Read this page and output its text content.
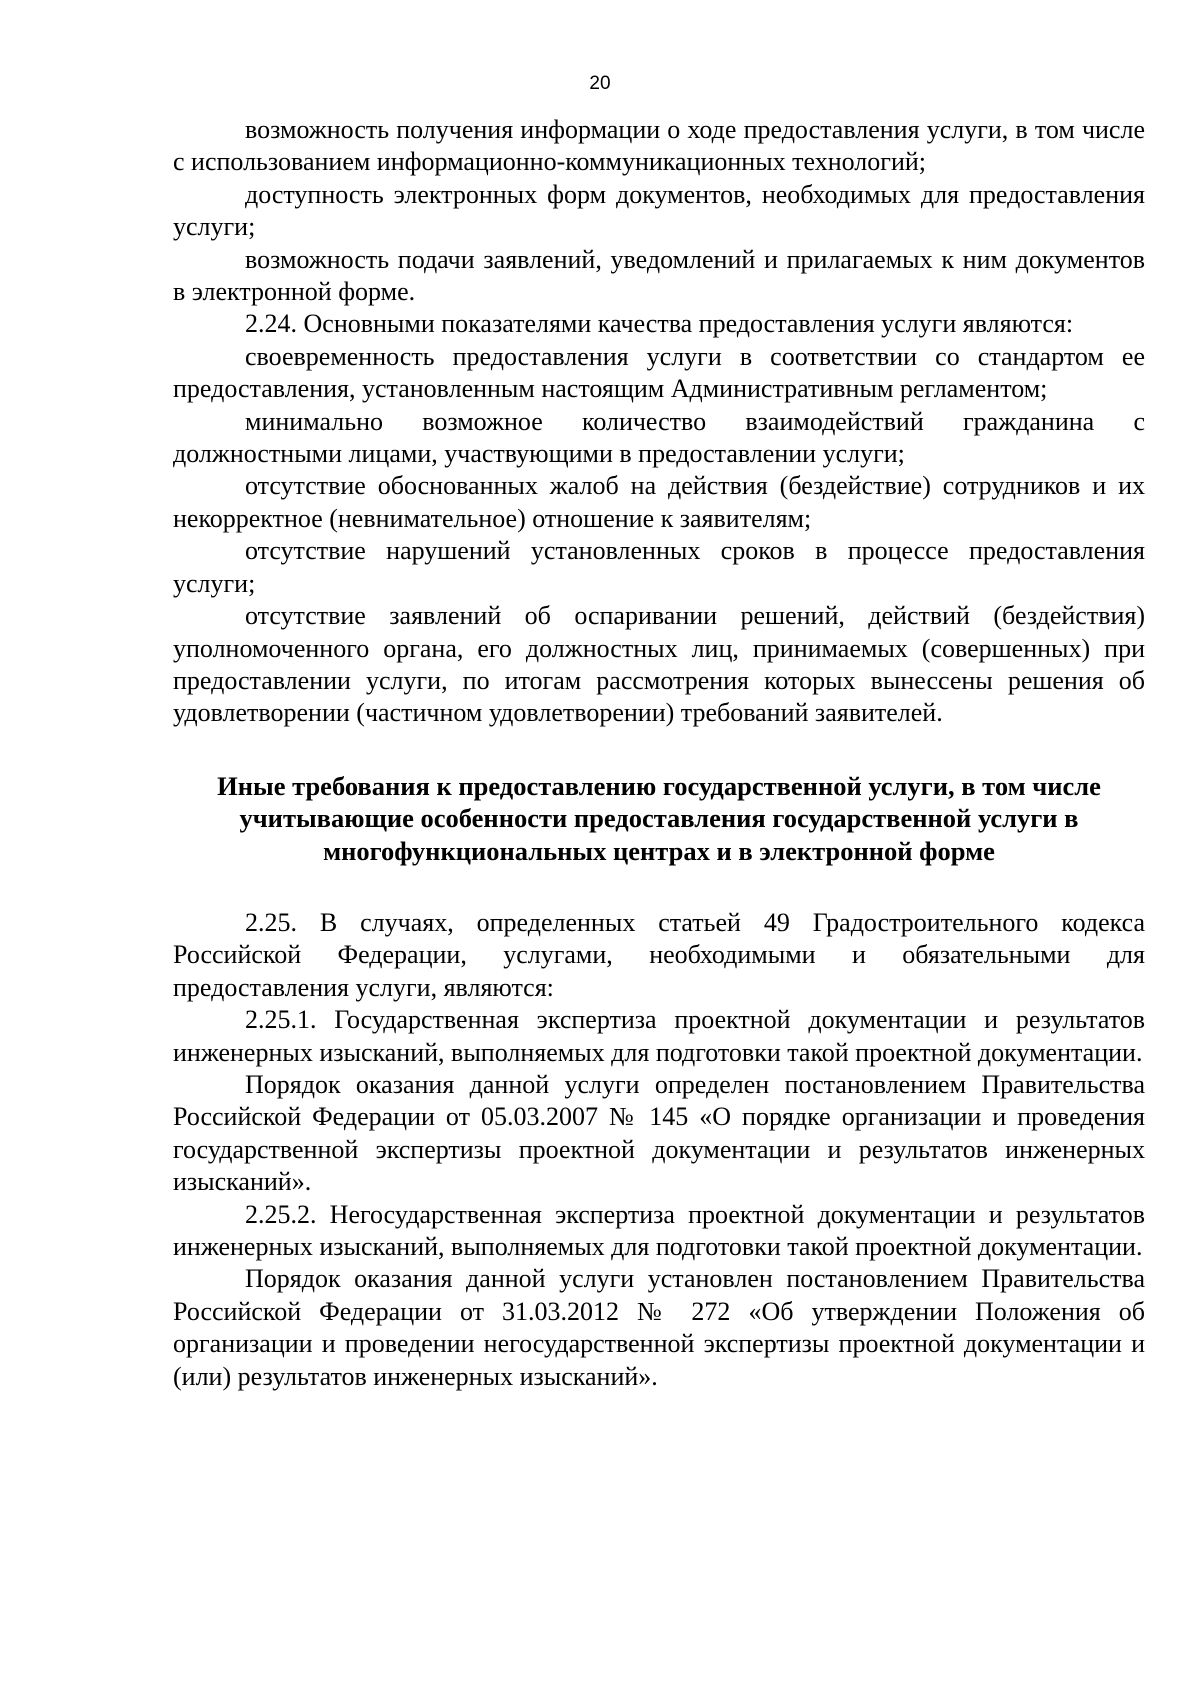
20

возможность получения информации о ходе предоставления услуги, в том числе с использованием информационно-коммуникационных технологий;

доступность электронных форм документов, необходимых для предоставления услуги;

возможность подачи заявлений, уведомлений и прилагаемых к ним документов в электронной форме.

2.24. Основными показателями качества предоставления услуги являются:

своевременность предоставления услуги в соответствии со стандартом ее предоставления, установленным настоящим Административным регламентом;

минимально возможное количество взаимодействий гражданина с должностными лицами, участвующими в предоставлении услуги;

отсутствие обоснованных жалоб на действия (бездействие) сотрудников и их некорректное (невнимательное) отношение к заявителям;

отсутствие нарушений установленных сроков в процессе предоставления услуги;

отсутствие заявлений об оспаривании решений, действий (бездействия) уполномоченного органа, его должностных лиц, принимаемых (совершенных) при предоставлении услуги, по итогам рассмотрения которых вынессены решения об удовлетворении (частичном удовлетворении) требований заявителей.

Иные требования к предоставлению государственной услуги, в том числе
учитывающие особенности предоставления государственной услуги в
многофункциональных центрах и в электронной форме

2.25. В случаях, определенных статьей 49 Градостроительного кодекса Российской Федерации, услугами, необходимыми и обязательными для предоставления услуги, являются:

2.25.1. Государственная экспертиза проектной документации и результатов инженерных изысканий, выполняемых для подготовки такой проектной документации.

Порядок оказания данной услуги определен постановлением Правительства Российской Федерации от 05.03.2007 № 145 «О порядке организации и проведения государственной экспертизы проектной документации и результатов инженерных изысканий».

2.25.2. Негосударственная экспертиза проектной документации и результатов инженерных изысканий, выполняемых для подготовки такой проектной документации.

Порядок оказания данной услуги установлен постановлением Правительства Российской Федерации от 31.03.2012 № 272 «Об утверждении Положения об организации и проведении негосударственной экспертизы проектной документации и (или) результатов инженерных изысканий».
